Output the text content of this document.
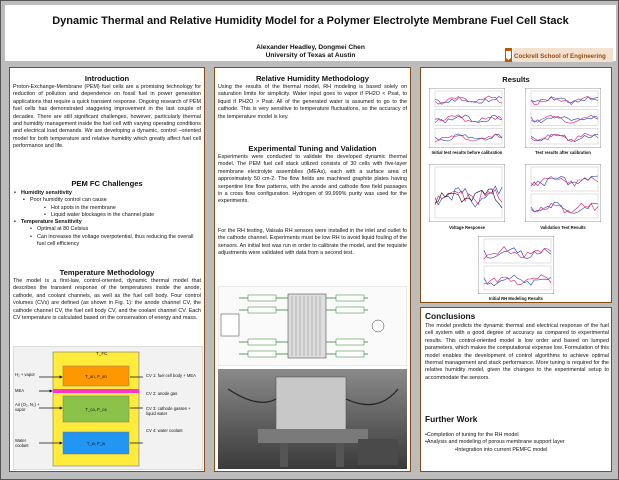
Dynamic Thermal and Relative Humidity Model for a Polymer Electrolyte Membrane Fuel Cell Stack
Alexander Headley, Dongmei Chen
University of Texas at Austin	Cockrell School of Engineering
Introduction
Proton-Exchange-Membrane (PEM) fuel cells are a promising technology for reduction of pollution and dependence on fossil fuel in power generation applications that require a quick transient response. Ongoing research of PEM fuel cells has demonstrated staggering improvement in the last couple of decades. There are still significant challenges, however, particularly thermal and humidity management inside the fuel cell with varying operating conditions and electrical load demands. We are developing a dynamic, control –oriented model for both temperature and relative humidity which greatly affect fuel cell performance and life.
PEM FC Challenges
• Humidity sensitivity
▪ Poor humidity control can cause
• Hot spots in the membrane
• Liquid water blockages in the channel plate
• Temperature Sensitivity
• Optimal at 80 Celsius
• Can increases the voltage overpotential, thus reducing the overall fuel cell efficiency
Temperature Methodology
The model is a first-law, control-oriented, dynamic thermal model that describes the transient response of the temperatures inside the anode, cathode, and coolant channels, as well as the fuel cell body. Four control volumes (CVs) are defined (as shown in Fig. 1): the anode channel CV, the cathode channel CV, the fuel cell body CV, and the coolant channel CV. Each CV temperature is calculated based on the conservation of energy and mass.
T_FC
H₂ + vapor
MEA
Air (O₂, N₂) + vapor
Water coolant
T_an, P_an
T_ca, P_ca
T_w, P_w
CV 1: fuel cell body + MEA
CV 2: anode gas
CV 3: cathode gasses + liquid water
CV 4: water coolant
Relative Humidity Methodology
Using the results of the thermal model, RH modeling is based solely on saturation limits for simplicity. Water input goes to vapor if PH2O < Psat, to liquid if PH2O > Psat. All of the generated water is assumed to go to the cathode. This is very sensitive to temperature fluctuations, so the accuracy of the temperature model is key.
Experimental Tuning and Validation
Experiments were conducted to validate the developed dynamic thermal model. The PEM fuel cell stack utilized consists of 30 cells with five-layer membrane electrolyte assemblies (MEAs), each with a surface area of approximately 50 cm-2. The flow fields are machined graphite plates having serpentine line flow patterns, with the anode and cathode flow field passages in a cross flow configuration. Hydrogen of 99.999% purity was used for the experiments.
For the RH testing, Vaisala RH sensors were installed in the inlet and outlet fo the cathode channel. Experiments must be low RH to avoid liquid fouling of the sensors. An initial test was run in order to calibrate the model, and the requisite adjustments were validated with data from a second test.
Results
Initial test results before calibration	Test results after calibration
Voltage Response	Validation Test Results
Initial RH Modeling Results
Conclusions
The model predicts the dynamic thermal and electrical response of the fuel cell system with a good degree of accuracy as compared to experimental results. This control-oriented model is low order and based on lumped parameters, which makes the computational expense low. Formulation of this model enables the development of control algorithms to achieve optimal thermal management and stack performance. More tuning is required for the relative humidity model, given the changes to the experimental setup to accommodate the sensors.
Further Work
•Completion of tuning for the RH model
•Analysis and modeling of porous membrane support layer
•Integration into current PEMFC model
